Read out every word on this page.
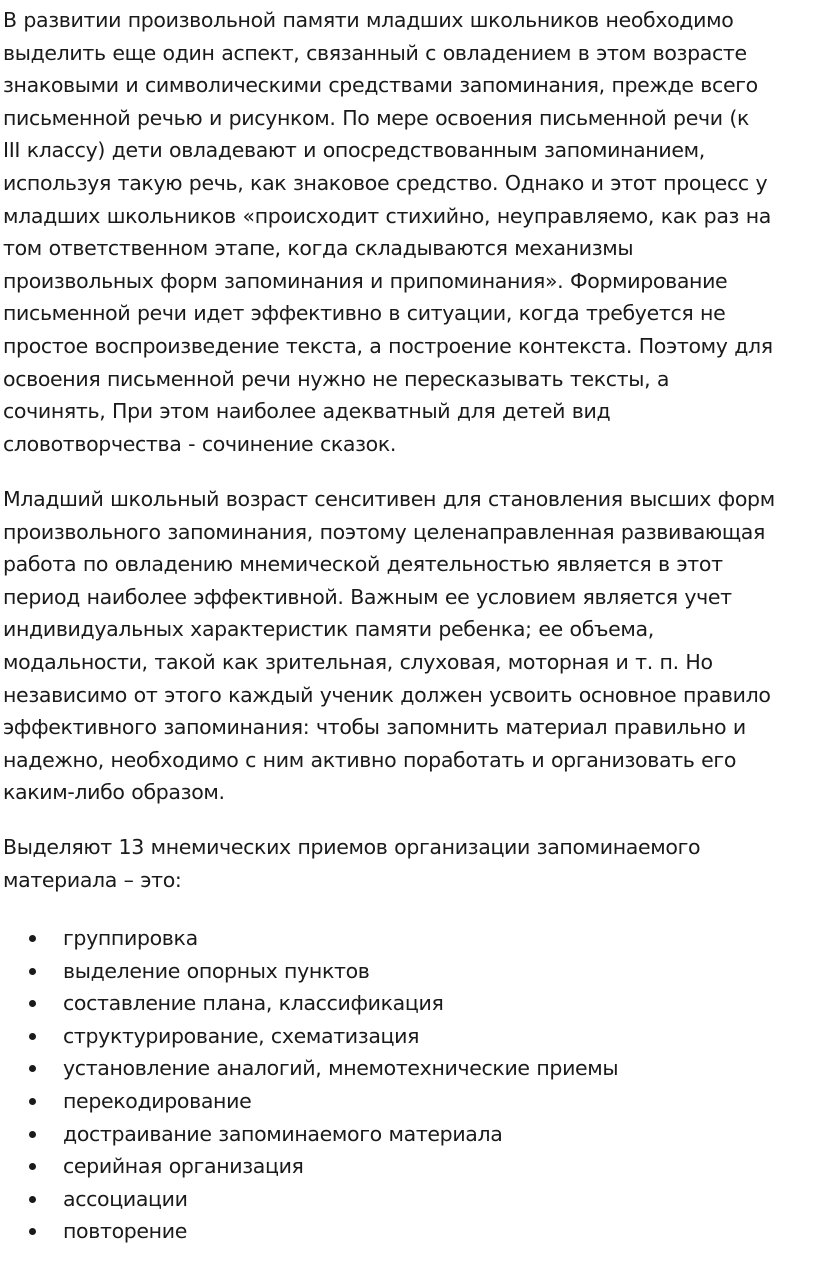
В развитии произвольной памяти младших школьников необходимо
выделить еще один аспект, связанный с овладением в этом возрасте
знаковыми и символическими средствами запоминания, прежде всего
письменной речью и рисунком. По мере освоения письменной речи (к
III классу) дети овладевают и опосредствованным запоминанием,
используя такую речь, как знаковое средство. Однако и этот процесс у
младших школьников «происходит стихийно, неуправляемо, как раз на
том ответственном этапе, когда складываются механизмы
произвольных форм запоминания и припоминания». Формирование
письменной речи идет эффективно в ситуации, когда требуется не
простое воспроизведение текста, а построение контекста. Поэтому для
освоения письменной речи нужно не пересказывать тексты, а
сочинять, При этом наиболее адекватный для детей вид
словотворчества - сочинение сказок.

Младший школьный возраст сенситивен для становления высших форм
произвольного запоминания, поэтому целенаправленная развивающая
работа по овладению мнемической деятельностью является в этот
период наиболее эффективной. Важным ее условием является учет
индивидуальных характеристик памяти ребенка; ее объема,
модальности, такой как зрительная, слуховая, моторная и т. п. Но
независимо от этого каждый ученик должен усвоить основное правило
эффективного запоминания: чтобы запомнить материал правильно и
надежно, необходимо с ним активно поработать и организовать его
каким-либо образом.

Выделяют 13 мнемических приемов организации запоминаемого
материала – это:

группировка
выделение опорных пунктов
составление плана, классификация
структурирование, схематизация
установление аналогий, мнемотехнические приемы
перекодирование
достраивание запоминаемого материала
серийная организация
ассоциации
повторение
